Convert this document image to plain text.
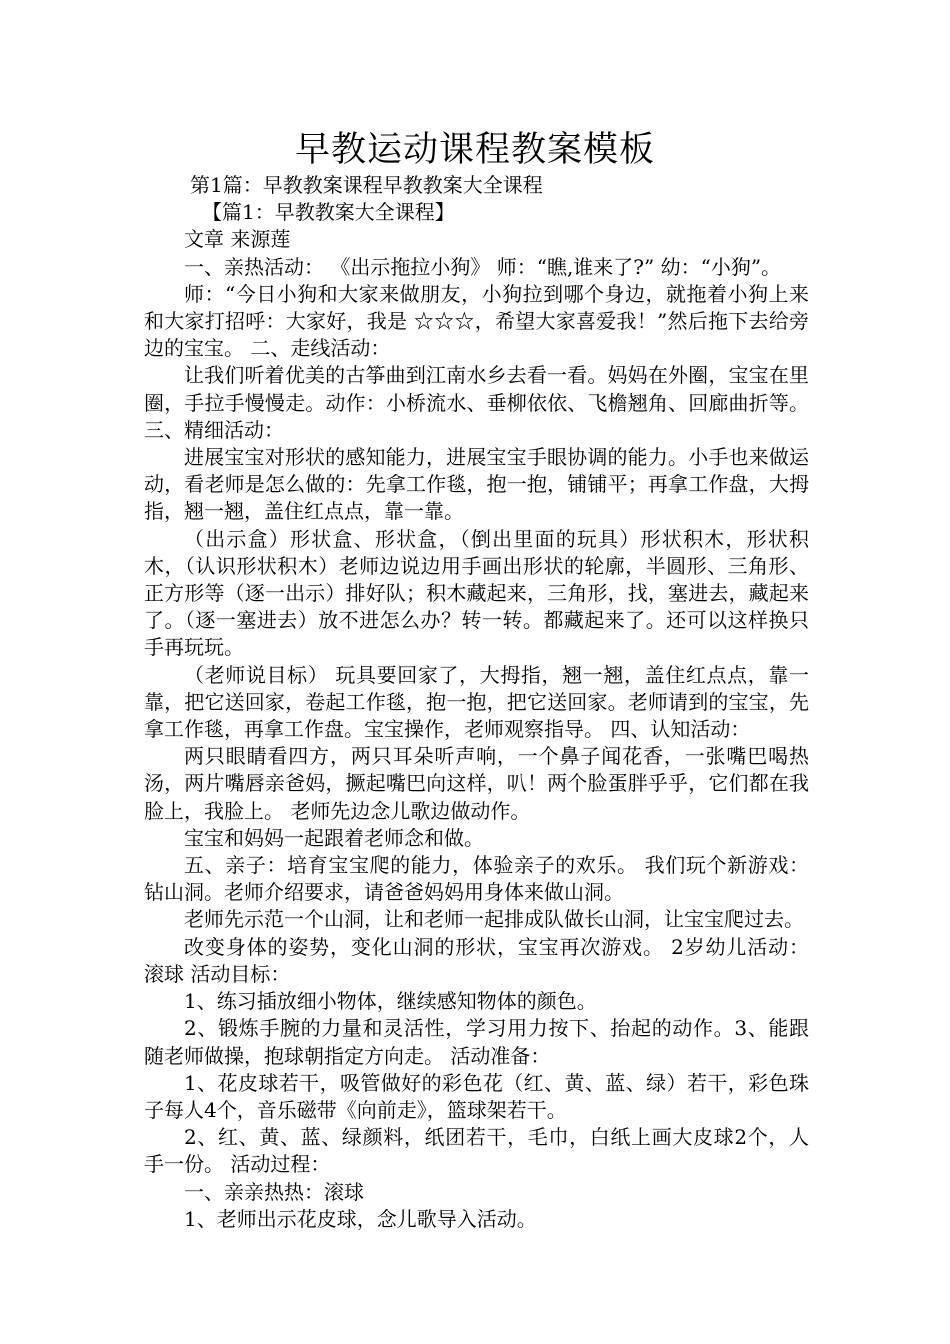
早教运动课程教案模板

第1篇：早教教案课程早教教案大全课程

【篇1：早教教案大全课程】

文章 来源莲

一、亲热活动： 《出示拖拉小狗》 师：“瞧,谁来了?” 幼：“小狗”。

师：“今日小狗和大家来做朋友，小狗拉到哪个身边，就拖着小狗上来和大家打招呼：大家好，我是 ☆☆☆，希望大家喜爱我！”然后拖下去给旁边的宝宝。 二、走线活动：

让我们听着优美的古筝曲到江南水乡去看一看。妈妈在外圈，宝宝在里圈，手拉手慢慢走。动作：小桥流水、垂柳依依、飞檐翘角、回廊曲折等。 三、精细活动：

进展宝宝对形状的感知能力，进展宝宝手眼协调的能力。小手也来做运动，看老师是怎么做的：先拿工作毯，抱一抱，铺铺平；再拿工作盘，大拇指，翘一翘，盖住红点点，靠一靠。

（出示盒）形状盒、形状盒，（倒出里面的玩具）形状积木，形状积木，（认识形状积木）老师边说边用手画出形状的轮廓，半圆形、三角形、正方形等（逐一出示）排好队；积木藏起来，三角形，找，塞进去，藏起来了。（逐一塞进去）放不进怎么办？转一转。都藏起来了。还可以这样换只手再玩玩。

（老师说目标） 玩具要回家了，大拇指，翘一翘，盖住红点点，靠一靠，把它送回家，卷起工作毯，抱一抱，把它送回家。老师请到的宝宝，先拿工作毯，再拿工作盘。宝宝操作，老师观察指导。 四、认知活动：

两只眼睛看四方，两只耳朵听声响，一个鼻子闻花香，一张嘴巴喝热汤，两片嘴唇亲爸妈，撅起嘴巴向这样，叭！两个脸蛋胖乎乎，它们都在我脸上，我脸上。 老师先边念儿歌边做动作。

宝宝和妈妈一起跟着老师念和做。

五、亲子：培育宝宝爬的能力，体验亲子的欢乐。 我们玩个新游戏：钻山洞。老师介绍要求，请爸爸妈妈用身体来做山洞。

老师先示范一个山洞，让和老师一起排成队做长山洞，让宝宝爬过去。

改变身体的姿势，变化山洞的形状，宝宝再次游戏。 2岁幼儿活动： 滚球 活动目标：

1、练习插放细小物体，继续感知物体的颜色。

2、锻炼手腕的力量和灵活性，学习用力按下、抬起的动作。3、能跟随老师做操，抱球朝指定方向走。 活动准备：

1、花皮球若干，吸管做好的彩色花（红、黄、蓝、绿）若干，彩色珠子每人4个，音乐磁带《向前走》，篮球架若干。

2、红、黄、蓝、绿颜料，纸团若干，毛巾，白纸上画大皮球2个，人手一份。 活动过程：

一、亲亲热热：滚球

1、老师出示花皮球，念儿歌导入活动。
